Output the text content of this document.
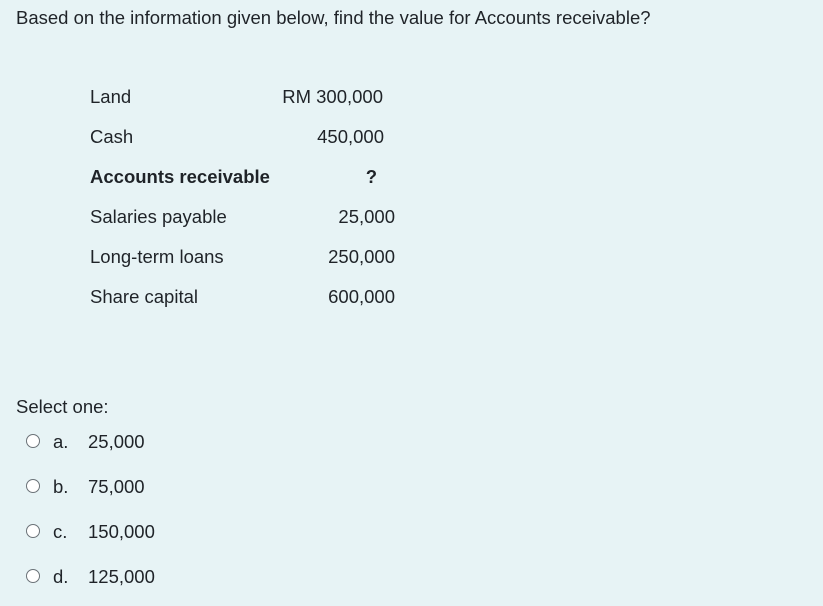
Based on the information given below, find the value for Accounts receivable?
Land	RM 300,000
Cash	450,000
Accounts receivable	?
Salaries payable	25,000
Long-term loans	250,000
Share capital	600,000
Select one:
a. 25,000
b. 75,000
c. 150,000
d. 125,000
